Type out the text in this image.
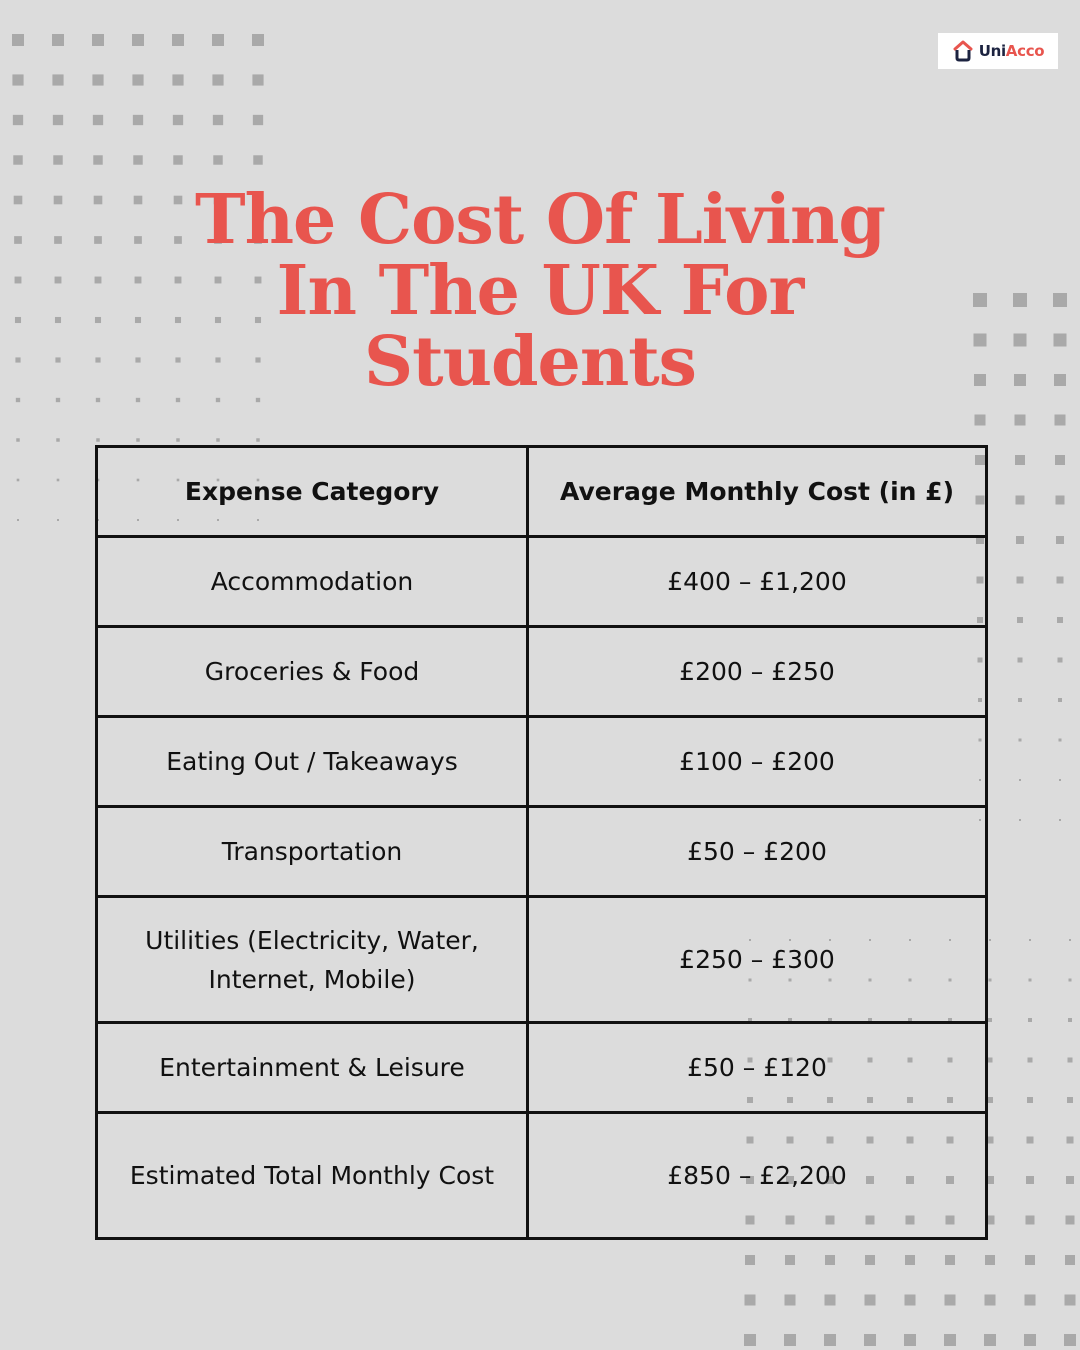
UniAcco
The Cost Of Living
In The UK For
Students
Expense Category	Average Monthly Cost (in £)
Accommodation	£400 – £1,200
Groceries & Food	£200 – £250
Eating Out / Takeaways	£100 – £200
Transportation	£50 – £200
Utilities (Electricity, Water, Internet, Mobile)	£250 – £300
Entertainment & Leisure	£50 – £120
Estimated Total Monthly Cost	£850 – £2,200
